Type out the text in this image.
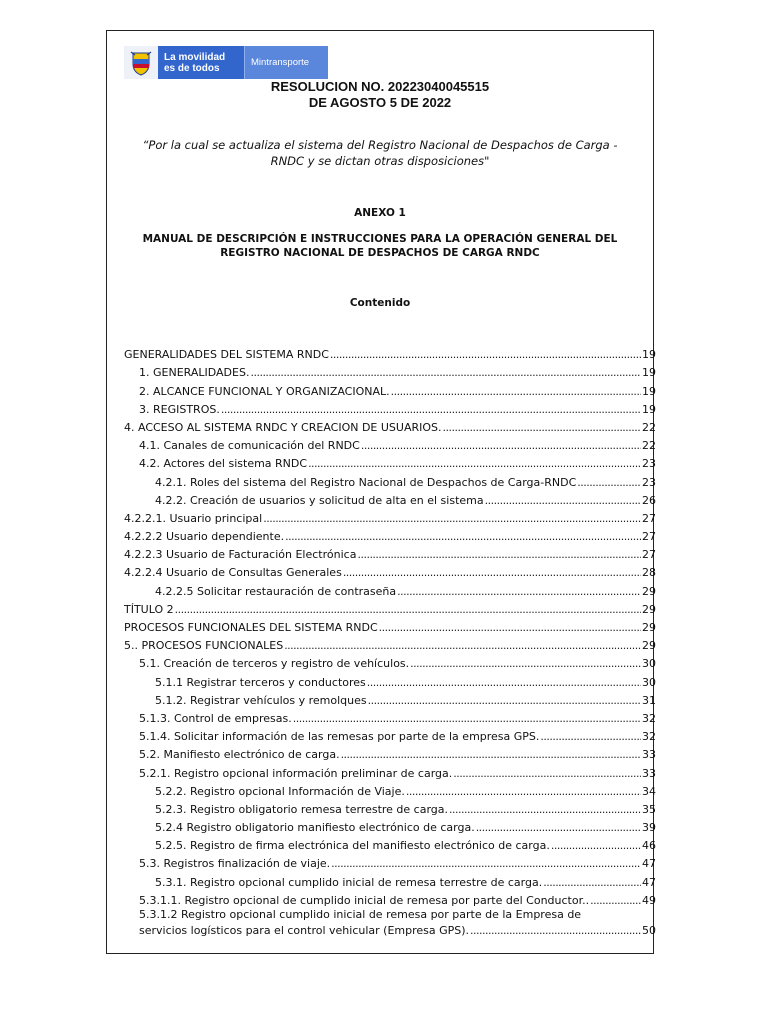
La movilidad
es de todos
Mintransporte
RESOLUCION NO. 20223040045515
DE AGOSTO 5 DE 2022
“Por la cual se actualiza el sistema del Registro Nacional de Despachos de Carga - RNDC y se dictan otras disposiciones"
ANEXO 1
MANUAL DE DESCRIPCIÓN E INSTRUCCIONES PARA LA OPERACIÓN GENERAL DEL REGISTRO NACIONAL DE DESPACHOS DE CARGA RNDC
Contenido
GENERALIDADES DEL SISTEMA RNDC .....	19
1. GENERALIDADES. .....	19
2. ALCANCE FUNCIONAL Y ORGANIZACIONAL. .....	19
3. REGISTROS. .....	19
4. ACCESO AL SISTEMA RNDC Y CREACION DE USUARIOS. .....	22
4.1. Canales de comunicación del RNDC .....	22
4.2. Actores del sistema RNDC .....	23
4.2.1. Roles del sistema del Registro Nacional de Despachos de Carga-RNDC .....	23
4.2.2. Creación de usuarios y solicitud de alta en el sistema .....	26
4.2.2.1. Usuario principal .....	27
4.2.2.2 Usuario dependiente. .....	27
4.2.2.3 Usuario de Facturación Electrónica .....	27
4.2.2.4 Usuario de Consultas Generales .....	28
4.2.2.5 Solicitar restauración de contraseña .....	29
TÍTULO 2 .....	29
PROCESOS FUNCIONALES DEL SISTEMA RNDC .....	29
5.. PROCESOS FUNCIONALES .....	29
5.1. Creación de terceros y registro de vehículos. .....	30
5.1.1 Registrar terceros y conductores .....	30
5.1.2. Registrar vehículos y remolques .....	31
5.1.3. Control de empresas. .....	32
5.1.4. Solicitar información de las remesas por parte de la empresa GPS. .....	32
5.2. Manifiesto electrónico de carga. .....	33
5.2.1. Registro opcional información preliminar de carga. .....	33
5.2.2. Registro opcional Información de Viaje. .....	34
5.2.3. Registro obligatorio remesa terrestre de carga. .....	35
5.2.4 Registro obligatorio manifiesto electrónico de carga. .....	39
5.2.5. Registro de firma electrónica del manifiesto electrónico de carga. .....	46
5.3. Registros finalización de viaje. .....	47
5.3.1. Registro opcional cumplido inicial de remesa terrestre de carga. .....	47
5.3.1.1. Registro opcional de cumplido inicial de remesa por parte del Conductor.. .....	49
5.3.1.2 Registro opcional cumplido inicial de remesa por parte de la Empresa de
servicios logísticos para el control vehicular (Empresa GPS). .....	50
